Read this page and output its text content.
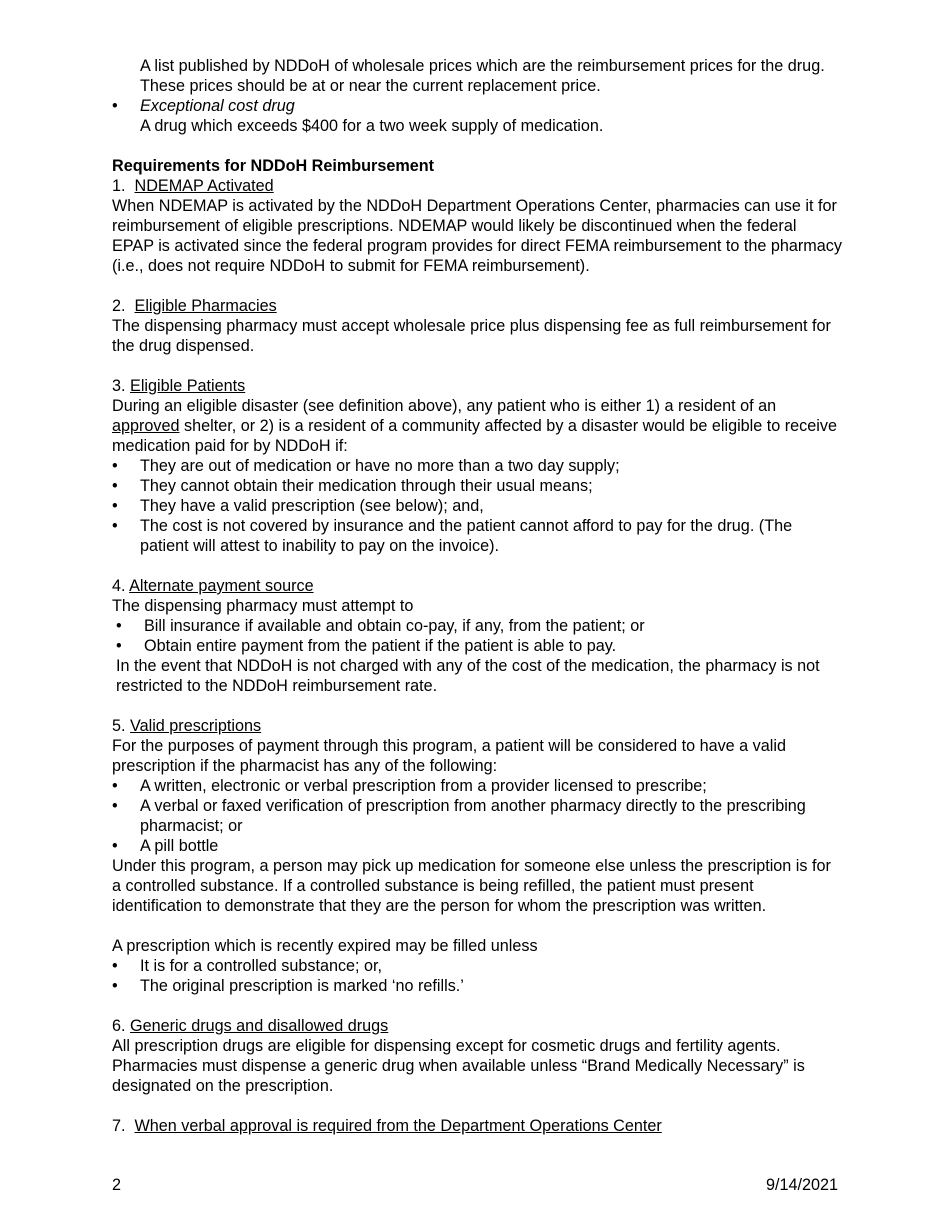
A list published by NDDoH of wholesale prices which are the reimbursement prices for the drug. These prices should be at or near the current replacement price.

• Exceptional cost drug

A drug which exceeds $400 for a two week supply of medication.

Requirements for NDDoH Reimbursement

1. NDEMAP Activated

When NDEMAP is activated by the NDDoH Department Operations Center, pharmacies can use it for reimbursement of eligible prescriptions. NDEMAP would likely be discontinued when the federal EPAP is activated since the federal program provides for direct FEMA reimbursement to the pharmacy (i.e., does not require NDDoH to submit for FEMA reimbursement).

2. Eligible Pharmacies

The dispensing pharmacy must accept wholesale price plus dispensing fee as full reimbursement for the drug dispensed.

3. Eligible Patients

During an eligible disaster (see definition above), any patient who is either 1) a resident of an approved shelter, or 2) is a resident of a community affected by a disaster would be eligible to receive medication paid for by NDDoH if:

• They are out of medication or have no more than a two day supply;
• They cannot obtain their medication through their usual means;
• They have a valid prescription (see below); and,
• The cost is not covered by insurance and the patient cannot afford to pay for the drug. (The patient will attest to inability to pay on the invoice).

4. Alternate payment source

The dispensing pharmacy must attempt to

• Bill insurance if available and obtain co-pay, if any, from the patient; or
• Obtain entire payment from the patient if the patient is able to pay.

In the event that NDDoH is not charged with any of the cost of the medication, the pharmacy is not restricted to the NDDoH reimbursement rate.

5. Valid prescriptions

For the purposes of payment through this program, a patient will be considered to have a valid prescription if the pharmacist has any of the following:

• A written, electronic or verbal prescription from a provider licensed to prescribe;
• A verbal or faxed verification of prescription from another pharmacy directly to the prescribing pharmacist; or
• A pill bottle

Under this program, a person may pick up medication for someone else unless the prescription is for a controlled substance. If a controlled substance is being refilled, the patient must present identification to demonstrate that they are the person for whom the prescription was written.

A prescription which is recently expired may be filled unless

• It is for a controlled substance; or,
• The original prescription is marked ‘no refills.’

6. Generic drugs and disallowed drugs

All prescription drugs are eligible for dispensing except for cosmetic drugs and fertility agents. Pharmacies must dispense a generic drug when available unless “Brand Medically Necessary” is designated on the prescription.

7. When verbal approval is required from the Department Operations Center

2	9/14/2021
